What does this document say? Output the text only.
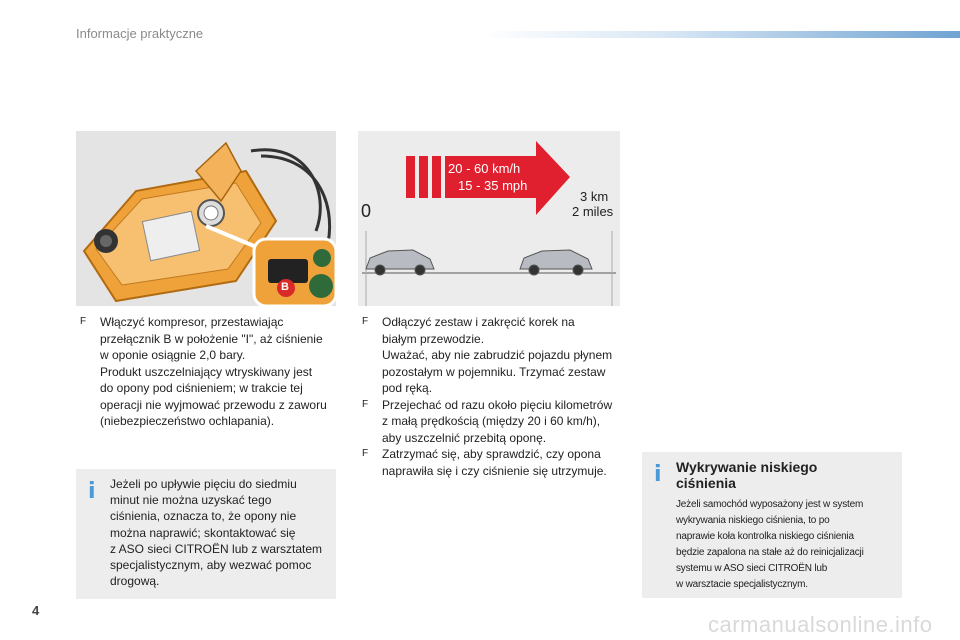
Informacje praktyczne
B
20 - 60 km/h
15 - 35 mph
0
3 km
2 miles
F Włączyć kompresor, przestawiając
przełącznik B w położenie "I", aż ciśnienie
w oponie osiągnie 2,0 bary.
Produkt uszczelniający wtryskiwany jest
do opony pod ciśnieniem; w trakcie tej
operacji nie wyjmować przewodu z zaworu
(niebezpieczeństwo ochlapania).
F Odłączyć zestaw i zakręcić korek na
białym przewodzie.
Uważać, aby nie zabrudzić pojazdu płynem
pozostałym w pojemniku. Trzymać zestaw
pod ręką.
F Przejechać od razu około pięciu kilometrów
z małą prędkością (między 20 i 60 km/h),
aby uszczelnić przebitą oponę.
F Zatrzymać się, aby sprawdzić, czy opona
naprawiła się i czy ciśnienie się utrzymuje.
i Jeżeli po upływie pięciu do siedmiu
minut nie można uzyskać tego
ciśnienia, oznacza to, że opony nie
można naprawić; skontaktować się
z ASO sieci CITROËN lub z warsztatem
specjalistycznym, aby wezwać pomoc
drogową.
i Wykrywanie niskiego
ciśnienia
Jeżeli samochód wyposażony jest w system
wykrywania niskiego ciśnienia, to po
naprawie koła kontrolka niskiego ciśnienia
będzie zapalona na stałe aż do reinicjalizacji
systemu w ASO sieci CITROËN lub
w warsztacie specjalistycznym.
4
carmanualsonline.info
